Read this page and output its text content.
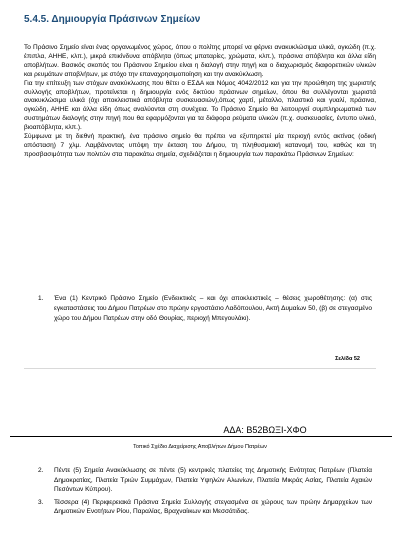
5.4.5. Δημιουργία Πράσινων Σημείων

Το Πράσινο Σημείο είναι ένας οργανωμένος χώρος, όπου ο πολίτης μπορεί να φέρνει ανακυκλώσιμα υλικά, ογκώδη (π.χ. έπιπλα, ΑΗΗΕ, κλπ.), μικρά επικίνδυνα απόβλητα (όπως μπαταρίες, χρώματα, κλπ.), πράσινα απόβλητα και άλλα είδη αποβλήτων. Βασικός σκοπός του Πράσινου Σημείου είναι η διαλογή στην πηγή και ο διαχωρισμός διαφορετικών υλικών και ρευμάτων αποβλήτων, με στόχο την επαναχρησιμοποίηση και την ανακύκλωση.

Για την επίτευξη των στόχων ανακύκλωσης που θέτει ο ΕΣΔΑ και Νόμος 4042/2012 και για την προώθηση της χωριστής συλλογής αποβλήτων, προτείνεται η δημιουργία ενός δικτύου πράσινων σημείων, όπου θα συλλέγονται χωριστά ανακυκλώσιμα υλικά (όχι αποκλειστικά απόβλητα συσκευασιών),όπως χαρτί, μέταλλο, πλαστικό και γυαλί, πράσινα, ογκώδη, ΑΗΗΕ και άλλα είδη όπως αναλύονται στη συνέχεια. Το Πράσινο Σημείο θα λειτουργεί συμπληρωματικά των συστημάτων διαλογής στην πηγή που θα εφαρμόζονται για τα διάφορα ρεύματα υλικών (π.χ. συσκευασίες, έντυπο υλικό, βιοαπόβλητα, κλπ.).

Σύμφωνα με τη διεθνή πρακτική, ένα πράσινο σημείο θα πρέπει να εξυπηρετεί μία περιοχή εντός ακτίνας (οδική απόσταση) 7 χλμ. Λαμβάνοντας υπόψη την έκταση του Δήμου, τη πληθυσμιακή κατανομή του, καθώς και τη προσβασιμότητα των πολιτών στα παρακάτω σημεία, σχεδιάζεται η δημιουργία των παρακάτω Πράσινων Σημείων:

1.	Ένα (1) Κεντρικό Πράσινο Σημείο (Ενδεικτικές – και όχι αποκλειστικές – θέσεις χωροθέτησης: (α) στις εγκαταστάσεις του Δήμου Πατρέων στο πρώην εργοστάσιο Λαδόπουλου, Ακτή Δυμαίων 50, (β) σε στεγασμένο χώρο του Δήμου Πατρέων στην οδό Θουρίας, περιοχή Μπεγουλάκι).
Σελίδα 52
ΑΔΑ: Β52ΒΩΞΙ-ΧΦΟ
Τοπικό Σχέδιο Διαχείρισης Αποβλήτων Δήμου Πατρέων
2.	Πέντε (5) Σημεία Ανακύκλωσης σε πέντε (5) κεντρικές πλατείες της Δημοτικής Ενότητας Πατρέων (Πλατεία Δημοκρατίας, Πλατεία Τριών Συμμάχων, Πλατεία Υψηλών Αλωνίων, Πλατεία Μικράς Ασίας, Πλατεία Αχαιών Πεσόντων Κύπρου).
3.	Τέσσερα (4) Περιφερειακά Πράσινα Σημεία Συλλογής στεγασμένα σε χώρους των πρώην Δημαρχείων των Δημοτικών Ενοτήτων Ρίου, Παραλίας, Βραχναίικων και Μεσσάτιδας.
